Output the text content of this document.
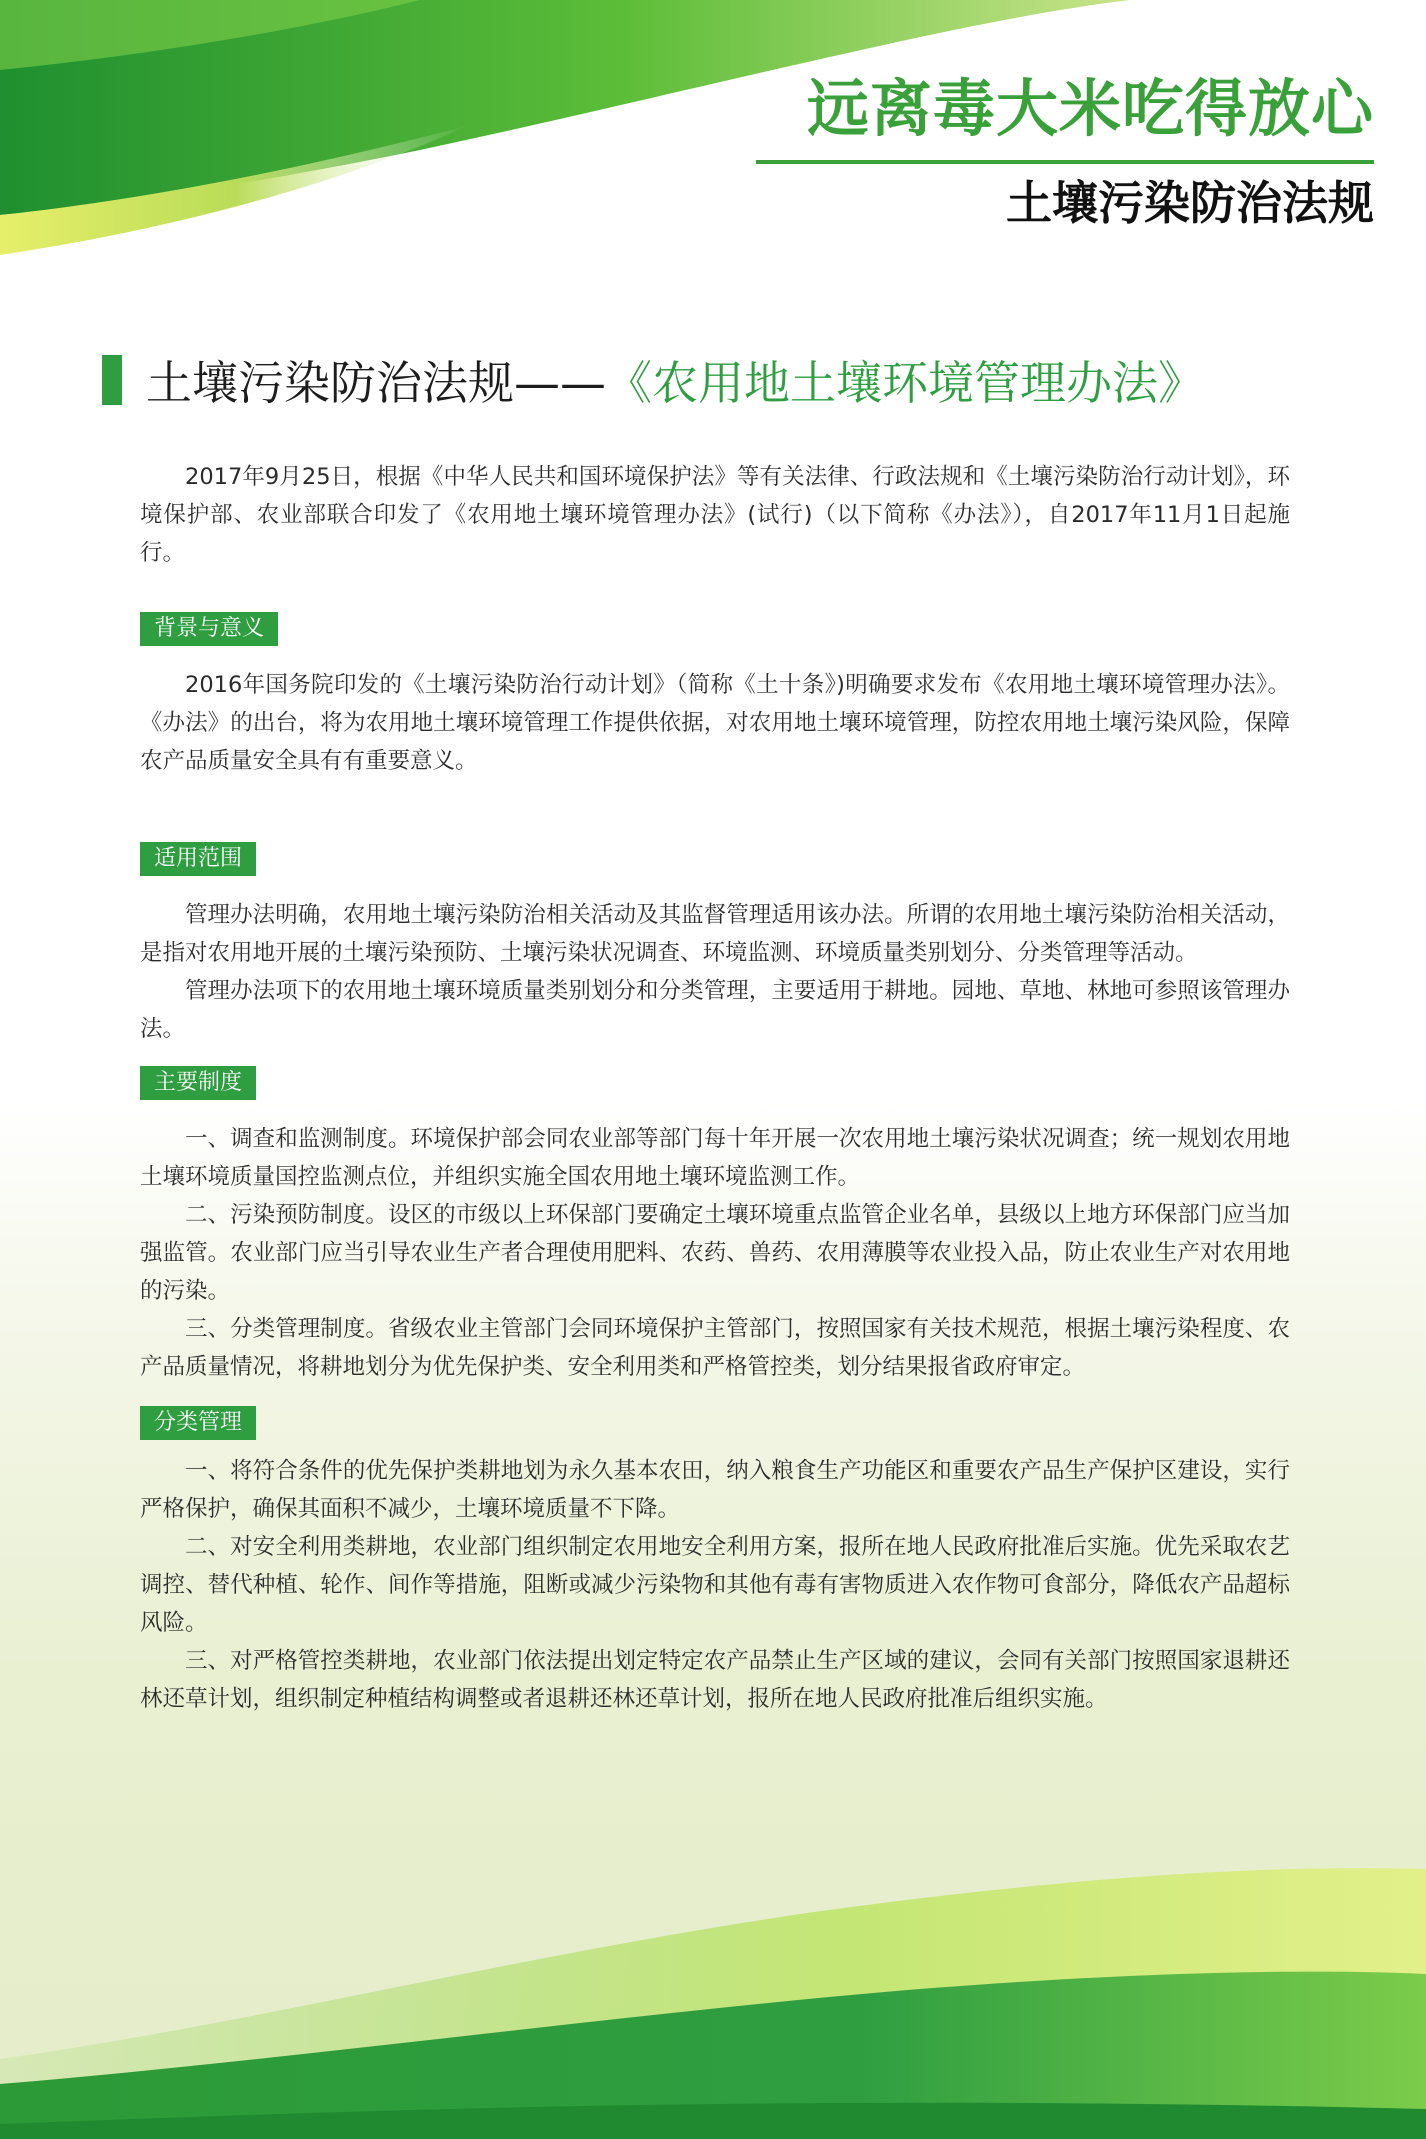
远离毒大米吃得放心
土壤污染防治法规
土壤污染防治法规—— 《农用地土壤环境管理办法》

2017年9月25日，根据《中华人民共和国环境保护法》等有关法律、行政法规和《土壤污染防治行动计划》，环境保护部、农业部联合印发了《农用地土壤环境管理办法》(试行)（以下简称《办法》），自2017年11月1日起施行。

背景与意义

2016年国务院印发的《土壤污染防治行动计划》（简称《土十条》)明确要求发布《农用地土壤环境管理办法》。《办法》的出台，将为农用地土壤环境管理工作提供依据，对农用地土壤环境管理，防控农用地土壤污染风险，保障农产品质量安全具有有重要意义。

适用范围

管理办法明确，农用地土壤污染防治相关活动及其监督管理适用该办法。所谓的农用地土壤污染防治相关活动，是指对农用地开展的土壤污染预防、土壤污染状况调查、环境监测、环境质量类别划分、分类管理等活动。

管理办法项下的农用地土壤环境质量类别划分和分类管理，主要适用于耕地。园地、草地、林地可参照该管理办法。

主要制度

一、调查和监测制度。环境保护部会同农业部等部门每十年开展一次农用地土壤污染状况调查；统一规划农用地土壤环境质量国控监测点位，并组织实施全国农用地土壤环境监测工作。

二、污染预防制度。设区的市级以上环保部门要确定土壤环境重点监管企业名单，县级以上地方环保部门应当加强监管。农业部门应当引导农业生产者合理使用肥料、农药、兽药、农用薄膜等农业投入品，防止农业生产对农用地的污染。

三、分类管理制度。省级农业主管部门会同环境保护主管部门，按照国家有关技术规范，根据土壤污染程度、农产品质量情况，将耕地划分为优先保护类、安全利用类和严格管控类，划分结果报省政府审定。

分类管理

一、将符合条件的优先保护类耕地划为永久基本农田，纳入粮食生产功能区和重要农产品生产保护区建设，实行严格保护，确保其面积不减少，土壤环境质量不下降。

二、对安全利用类耕地，农业部门组织制定农用地安全利用方案，报所在地人民政府批准后实施。优先采取农艺调控、替代种植、轮作、间作等措施，阻断或减少污染物和其他有毒有害物质进入农作物可食部分，降低农产品超标风险。

三、对严格管控类耕地，农业部门依法提出划定特定农产品禁止生产区域的建议，会同有关部门按照国家退耕还林还草计划，组织制定种植结构调整或者退耕还林还草计划，报所在地人民政府批准后组织实施。
